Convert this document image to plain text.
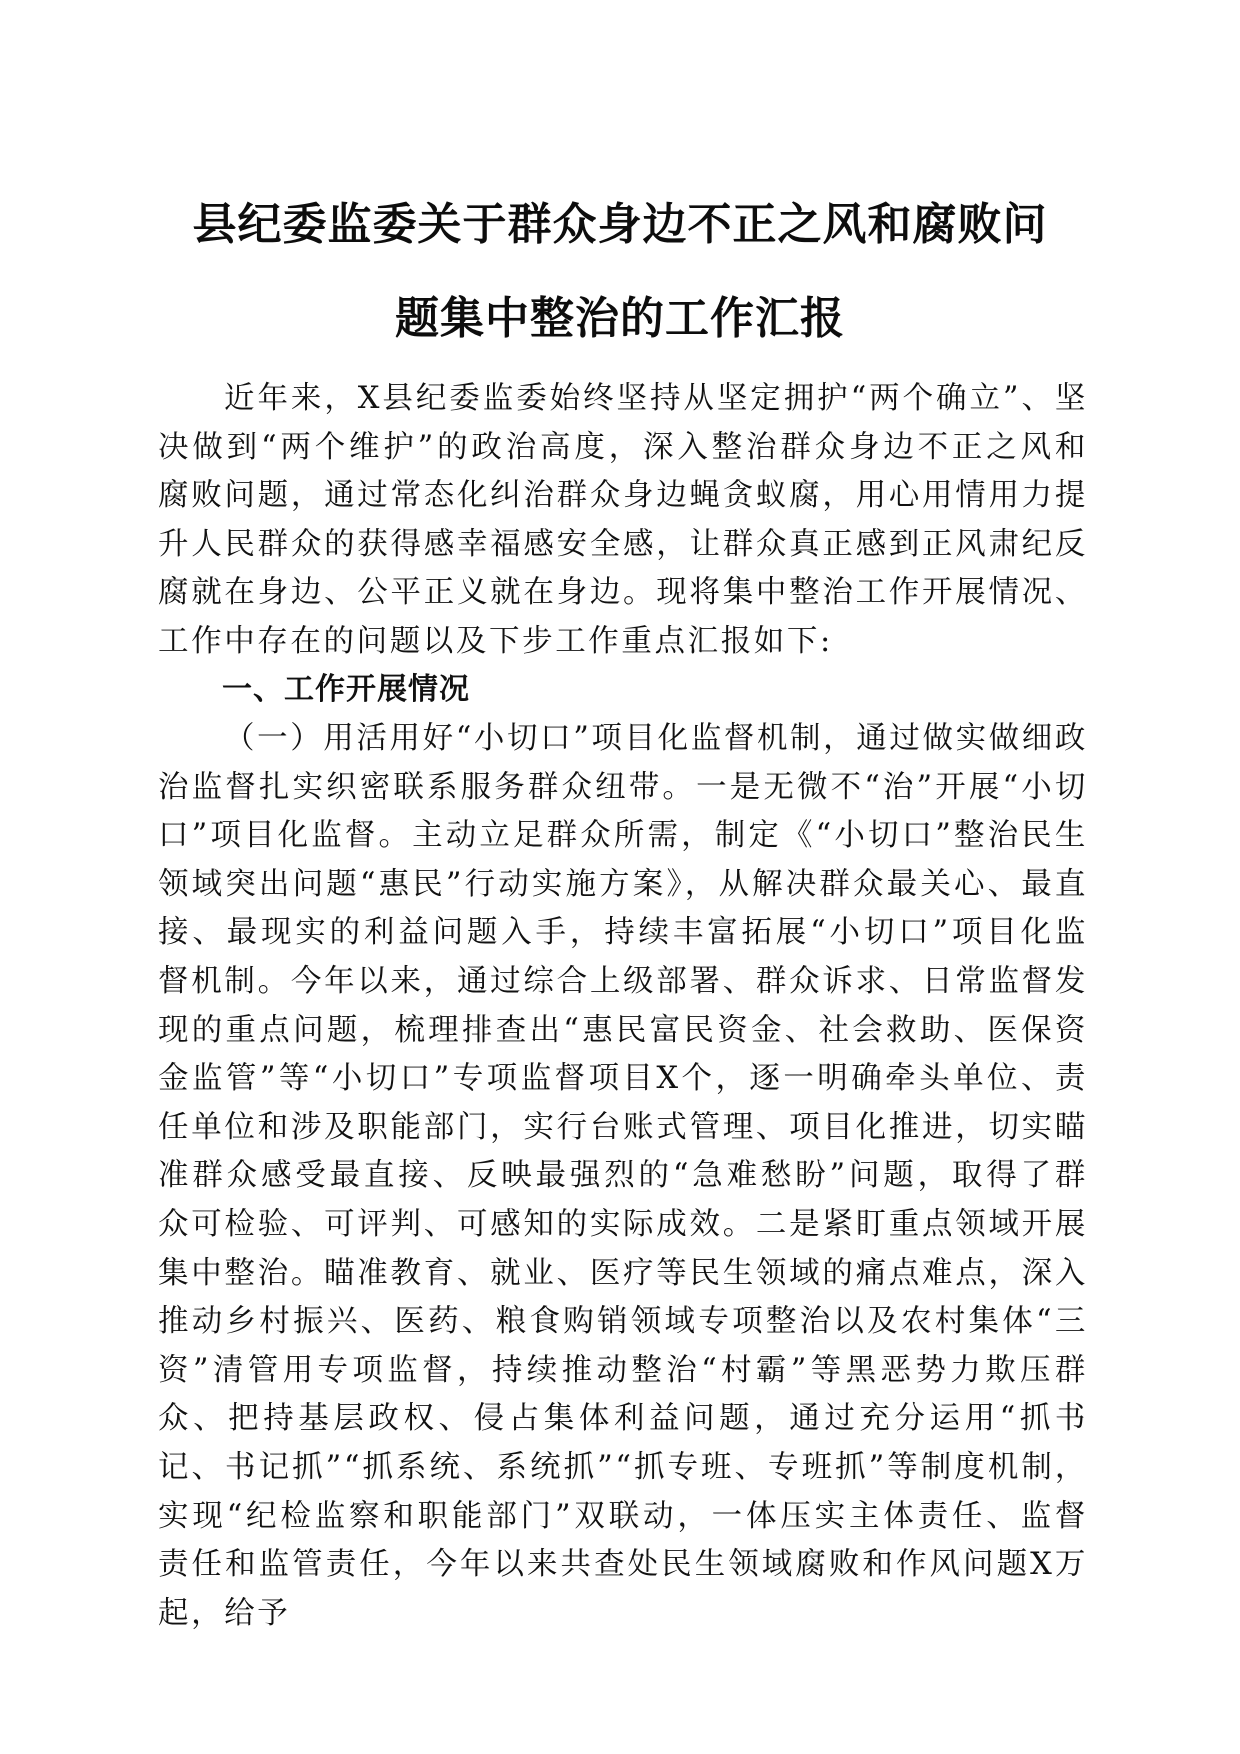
县纪委监委关于群众身边不正之风和腐败问
题集中整治的工作汇报

近年来，X县纪委监委始终坚持从坚定拥护“两个确立”、坚决做到“两个维护”的政治高度，深入整治群众身边不正之风和腐败问题，通过常态化纠治群众身边蝇贪蚁腐，用心用情用力提升人民群众的获得感幸福感安全感，让群众真正感到正风肃纪反腐就在身边、公平正义就在身边。现将集中整治工作开展情况、工作中存在的问题以及下步工作重点汇报如下:

一、工作开展情况

（一）用活用好“小切口”项目化监督机制，通过做实做细政治监督扎实织密联系服务群众纽带。一是无微不“治”开展“小切口”项目化监督。主动立足群众所需，制定《“小切口”整治民生领域突出问题“惠民”行动实施方案》，从解决群众最关心、最直接、最现实的利益问题入手，持续丰富拓展“小切口”项目化监督机制。今年以来，通过综合上级部署、群众诉求、日常监督发现的重点问题，梳理排查出“惠民富民资金、社会救助、医保资金监管”等“小切口”专项监督项目X个，逐一明确牵头单位、责任单位和涉及职能部门，实行台账式管理、项目化推进，切实瞄准群众感受最直接、反映最强烈的“急难愁盼”问题，取得了群众可检验、可评判、可感知的实际成效。二是紧盯重点领域开展集中整治。瞄准教育、就业、医疗等民生领域的痛点难点，深入推动乡村振兴、医药、粮食购销领域专项整治以及农村集体“三资”清管用专项监督，持续推动整治“村霸”等黑恶势力欺压群众、把持基层政权、侵占集体利益问题，通过充分运用“抓书记、书记抓”“抓系统、系统抓”“抓专班、专班抓”等制度机制，实现“纪检监察和职能部门”双联动，一体压实主体责任、监督责任和监管责任，今年以来共查处民生领域腐败和作风问题X万起，给予
